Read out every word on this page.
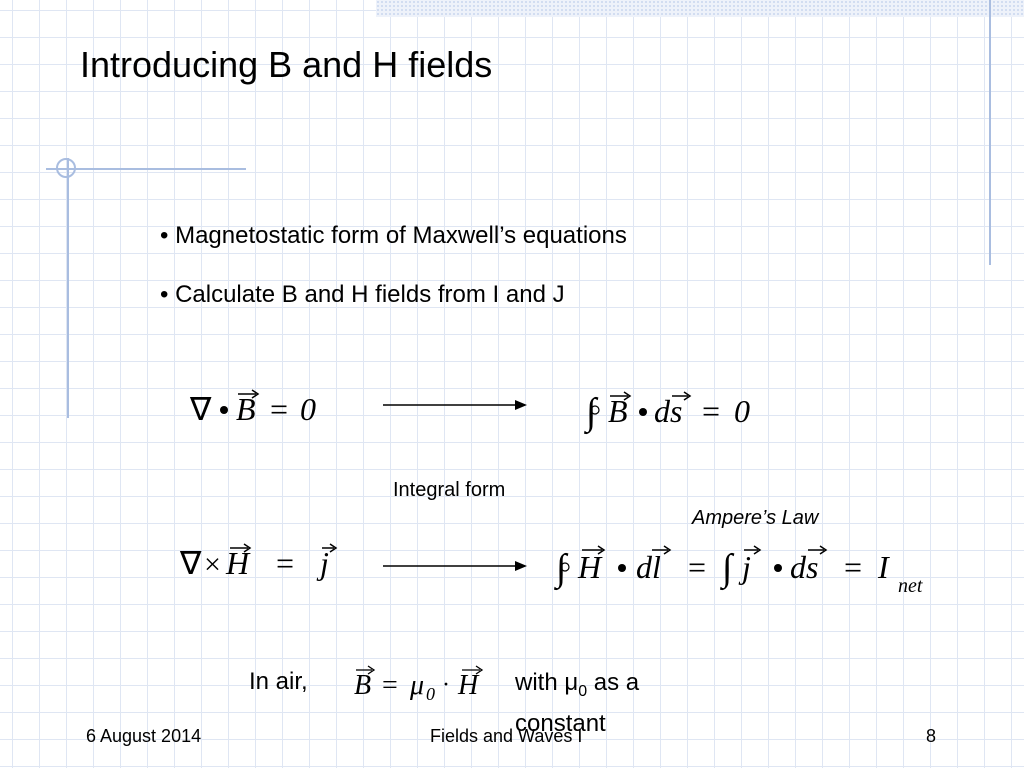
Introducing B and H fields
• Magnetostatic form of Maxwell’s equations
• Calculate B and H fields from I and J
∇ B = 0	∫ B ds = 0
Integral form
Ampere’s Law
∇ × H = j	∫ H dl = ∫ j ds = I
net
In air, B = μ 0 · H with $\mu_0$ as a constant
6 August 2014	Fields and Waves I	8
